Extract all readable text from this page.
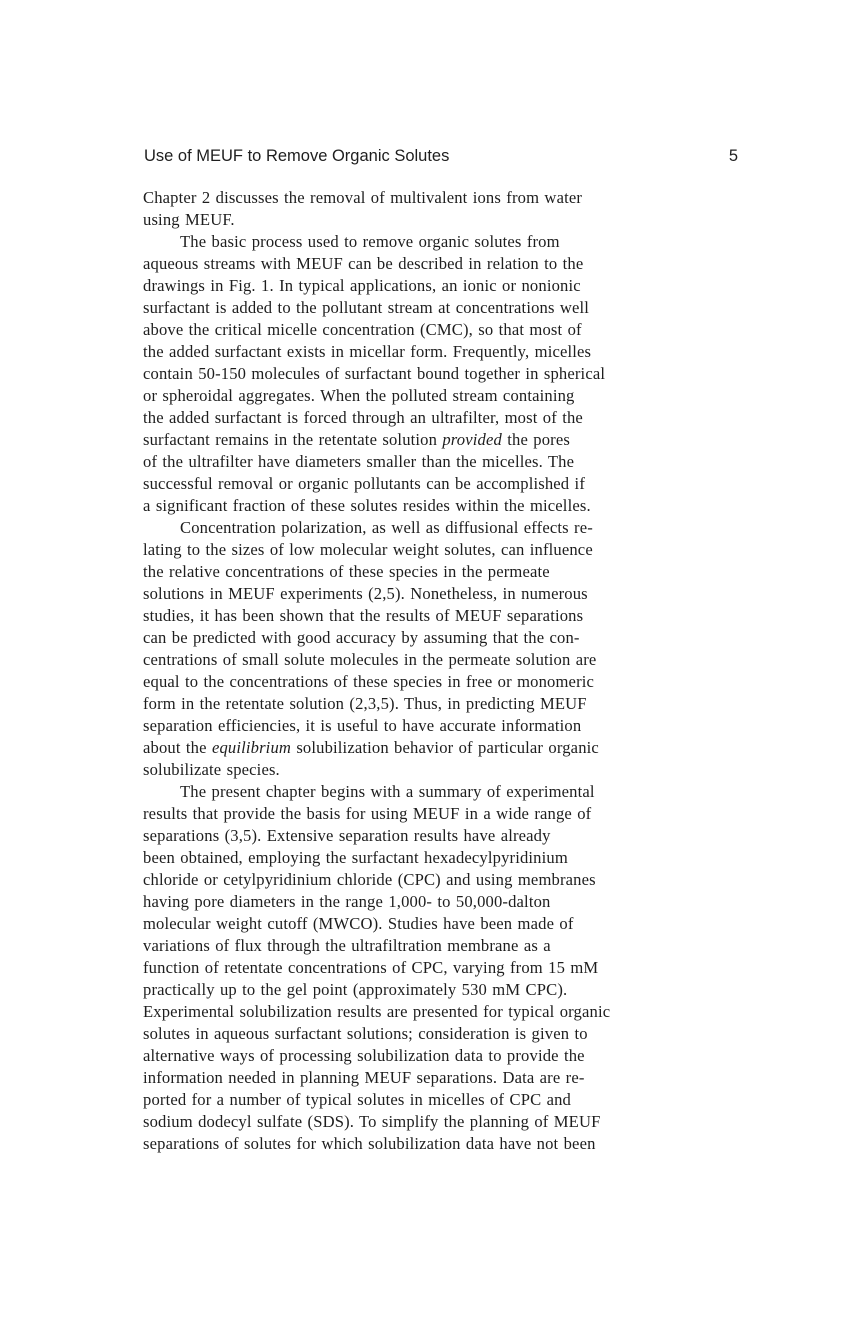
Use of MEUF to Remove Organic Solutes	5

Chapter 2 discusses the removal of multivalent ions from water
using MEUF.

The basic process used to remove organic solutes from
aqueous streams with MEUF can be described in relation to the
drawings in Fig. 1. In typical applications, an ionic or nonionic
surfactant is added to the pollutant stream at concentrations well
above the critical micelle concentration (CMC), so that most of
the added surfactant exists in micellar form. Frequently, micelles
contain 50-150 molecules of surfactant bound together in spherical
or spheroidal aggregates. When the polluted stream containing
the added surfactant is forced through an ultrafilter, most of the
surfactant remains in the retentate solution provided the pores
of the ultrafilter have diameters smaller than the micelles. The
successful removal or organic pollutants can be accomplished if
a significant fraction of these solutes resides within the micelles.

Concentration polarization, as well as diffusional effects re-
lating to the sizes of low molecular weight solutes, can influence
the relative concentrations of these species in the permeate
solutions in MEUF experiments (2,5). Nonetheless, in numerous
studies, it has been shown that the results of MEUF separations
can be predicted with good accuracy by assuming that the con-
centrations of small solute molecules in the permeate solution are
equal to the concentrations of these species in free or monomeric
form in the retentate solution (2,3,5). Thus, in predicting MEUF
separation efficiencies, it is useful to have accurate information
about the equilibrium solubilization behavior of particular organic
solubilizate species.

The present chapter begins with a summary of experimental
results that provide the basis for using MEUF in a wide range of
separations (3,5). Extensive separation results have already
been obtained, employing the surfactant hexadecylpyridinium
chloride or cetylpyridinium chloride (CPC) and using membranes
having pore diameters in the range 1,000- to 50,000-dalton
molecular weight cutoff (MWCO). Studies have been made of
variations of flux through the ultrafiltration membrane as a
function of retentate concentrations of CPC, varying from 15 mM
practically up to the gel point (approximately 530 mM CPC).
Experimental solubilization results are presented for typical organic
solutes in aqueous surfactant solutions; consideration is given to
alternative ways of processing solubilization data to provide the
information needed in planning MEUF separations. Data are re-
ported for a number of typical solutes in micelles of CPC and
sodium dodecyl sulfate (SDS). To simplify the planning of MEUF
separations of solutes for which solubilization data have not been
